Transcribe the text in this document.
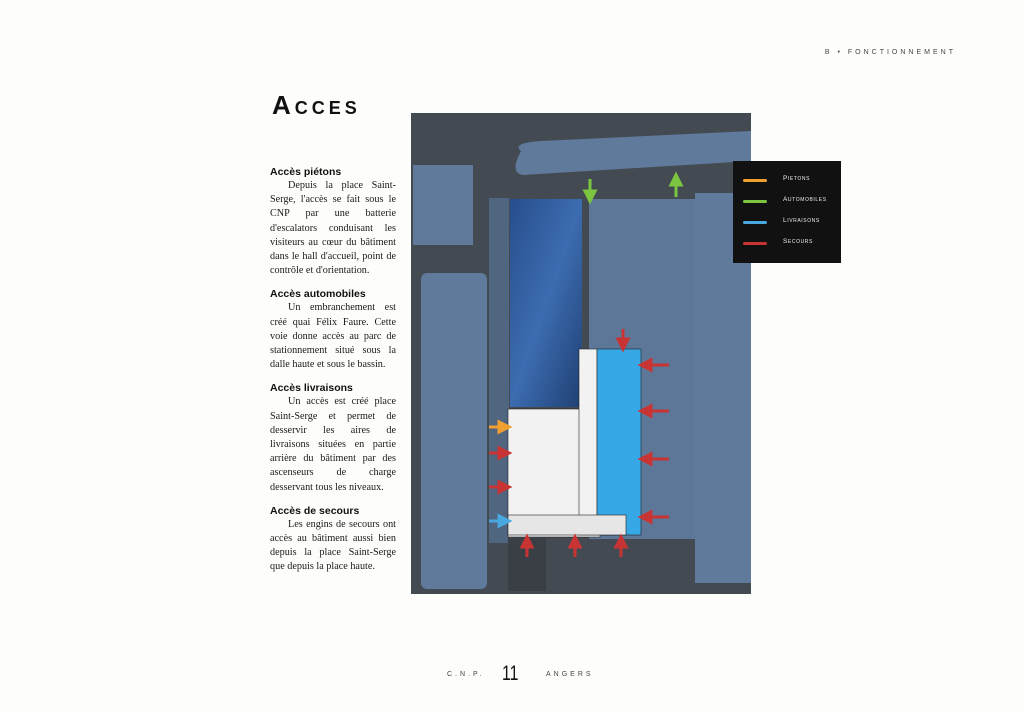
B • FONCTIONNEMENT
Acces
Accès piétons

Depuis la place Saint-Serge, l'accès se fait sous le CNP par une batterie d'escalators conduisant les visiteurs au cœur du bâtiment dans le hall d'accueil, point de contrôle et d'orientation.

Accès automobiles

Un embranchement est créé quai Félix Faure. Cette voie donne accès au parc de stationnement situé sous la dalle haute et sous le bassin.

Accès livraisons

Un accès est créé place Saint-Serge et permet de desservir les aires de livraisons situées en partie arrière du bâtiment par des ascenseurs de charge desservant tous les niveaux.

Accès de secours

Les engins de secours ont accès au bâtiment aussi bien depuis la place Saint-Serge que depuis la place haute.

Pietons
Automobiles
Livraisons
Secours
C.N.P. 11	ANGERS
